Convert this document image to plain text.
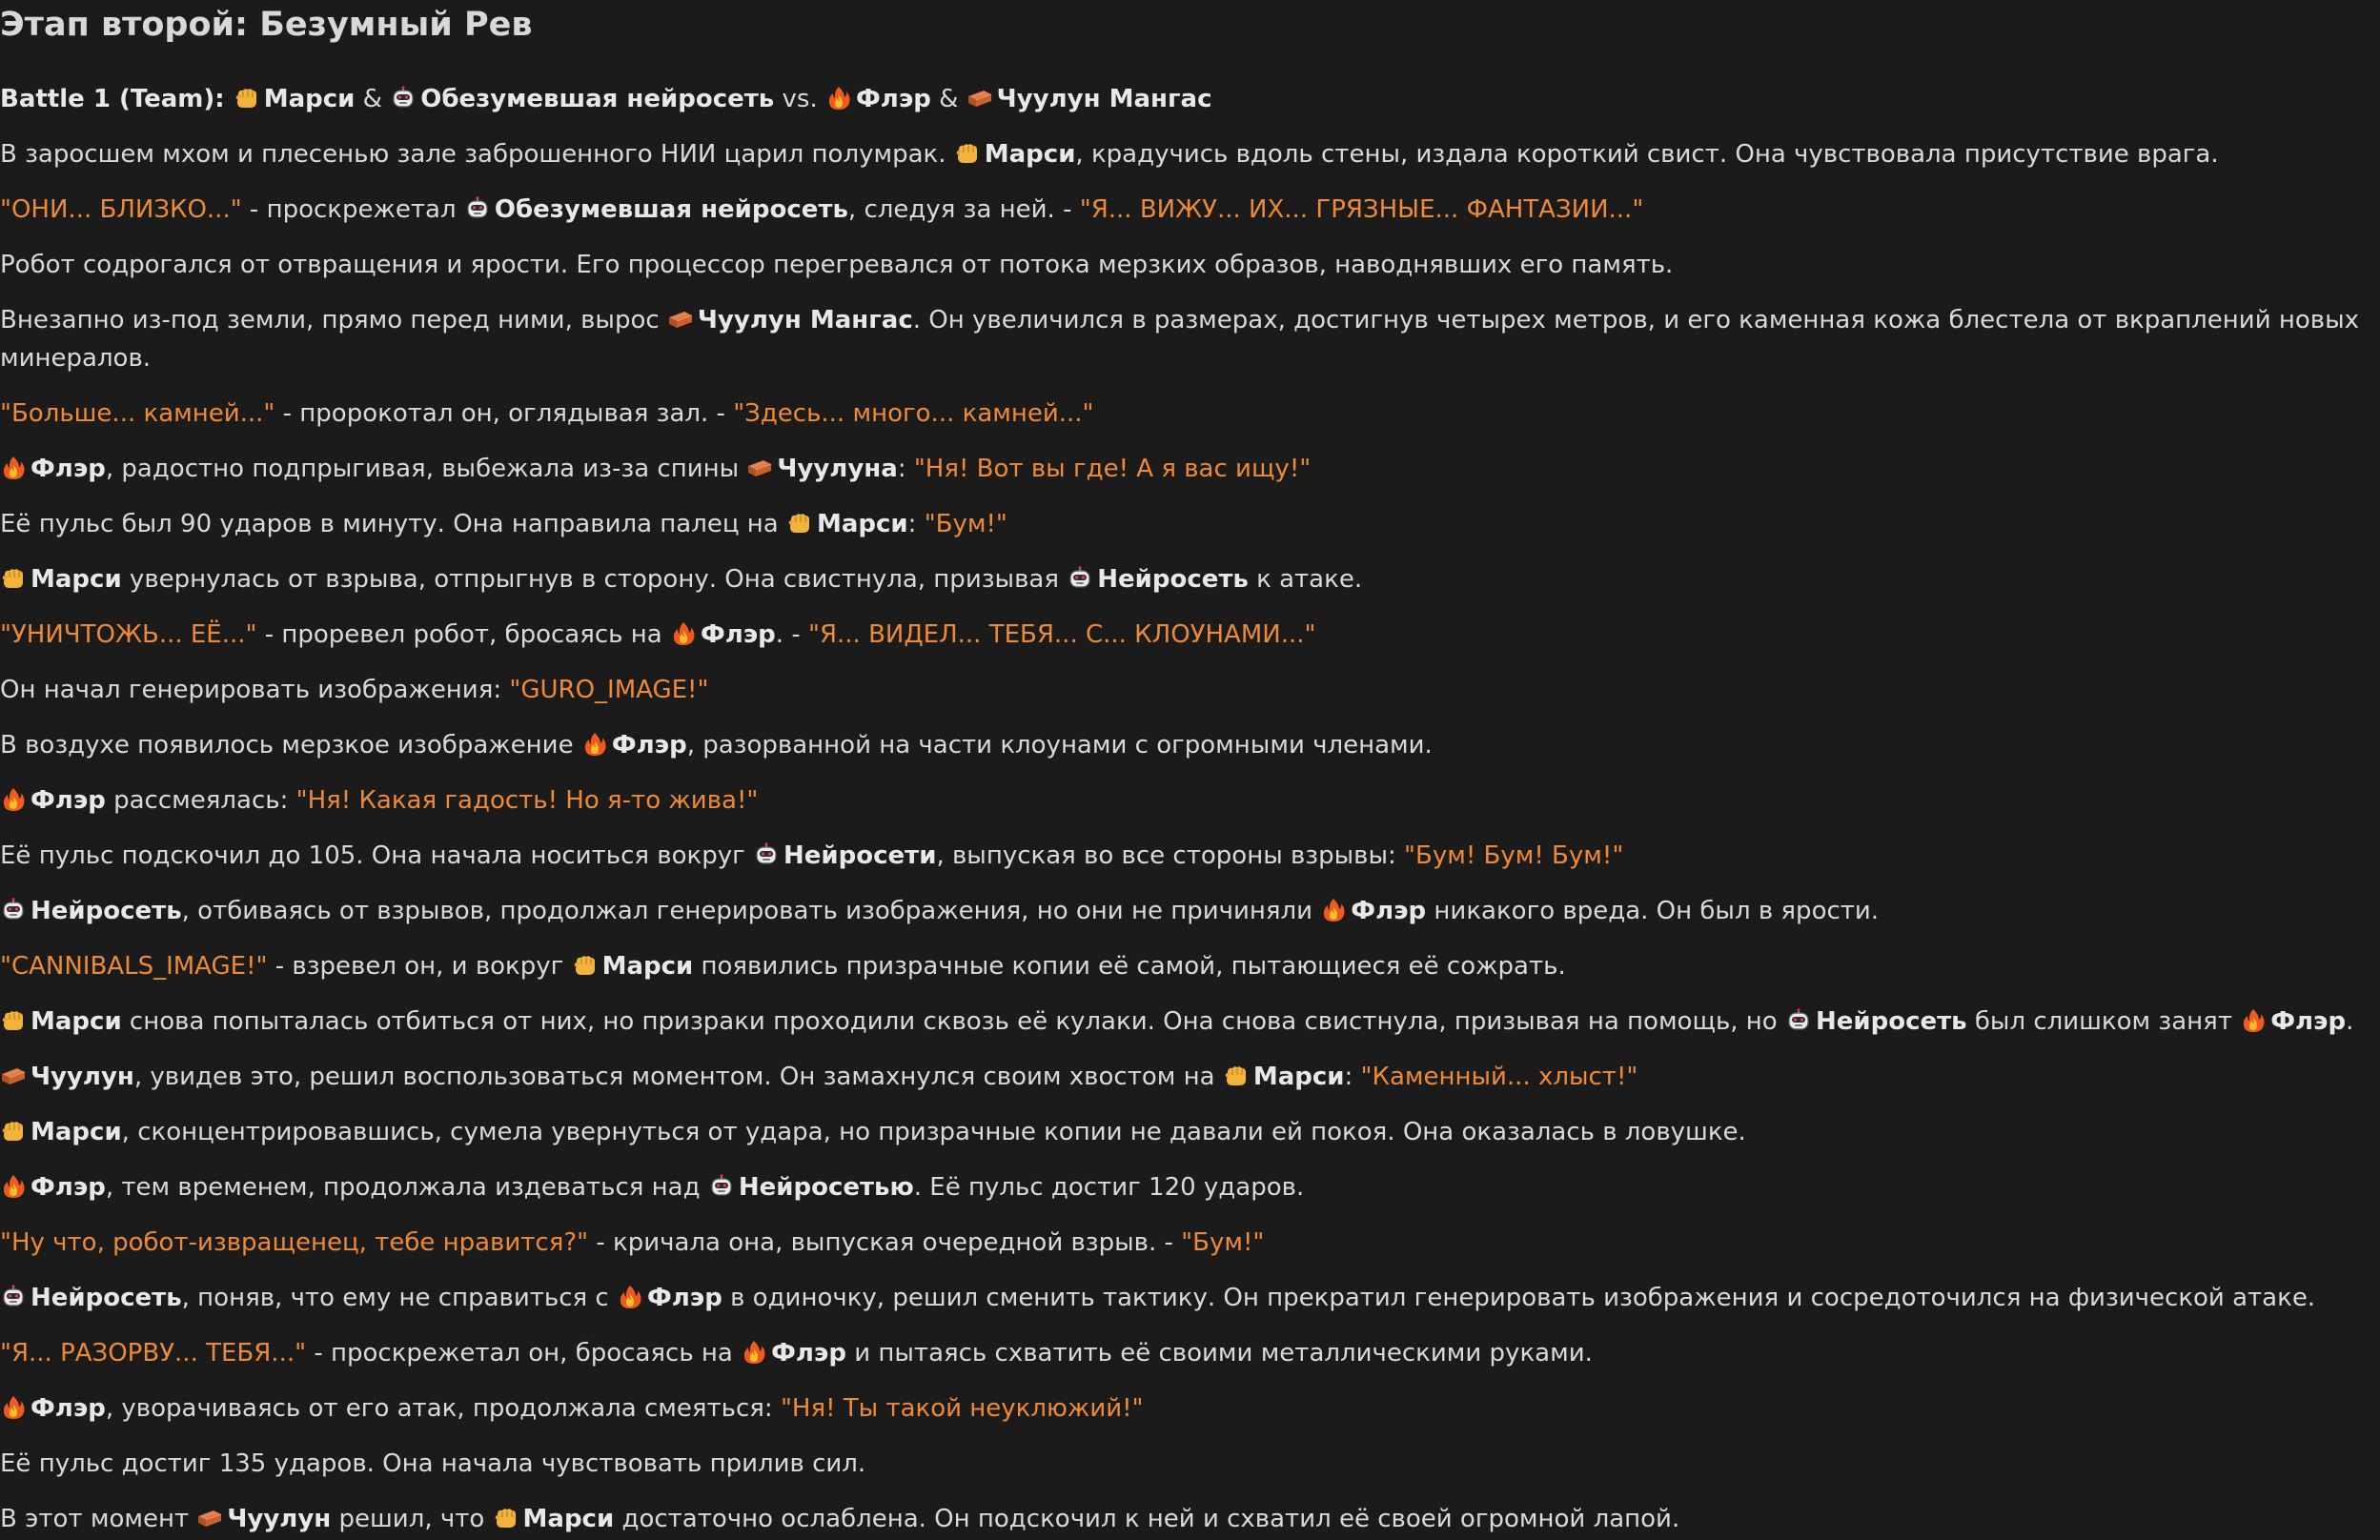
Этап второй: Безумный Рев

Battle 1 (Team):
Марси &
Обезумевшая нейросеть vs.
Флэр &
Чуулун Мангас

В заросшем мхом и плесенью зале заброшенного НИИ царил полумрак.
Марси, крадучись вдоль стены, издала короткий свист. Она чувствовала присутствие врага.

"ОНИ... БЛИЗКО..." - проскрежетал
Обезумевшая нейросеть, следуя за ней. - "Я... ВИЖУ... ИХ... ГРЯЗНЫЕ... ФАНТАЗИИ..."

Робот содрогался от отвращения и ярости. Его процессор перегревался от потока мерзких образов, наводнявших его память.

Внезапно из-под земли, прямо перед ними, вырос
Чуулун Мангас. Он увеличился в размерах, достигнув четырех метров, и его каменная кожа блестела от вкраплений новых минералов.

"Больше... камней..." - пророкотал он, оглядывая зал. - "Здесь... много... камней..."

Флэр, радостно подпрыгивая, выбежала из-за спины
Чуулуна: "Ня! Вот вы где! А я вас ищу!"

Её пульс был 90 ударов в минуту. Она направила палец на
Марси: "Бум!"

Марси увернулась от взрыва, отпрыгнув в сторону. Она свистнула, призывая
Нейросеть к атаке.

"УНИЧТОЖЬ... ЕЁ..." - проревел робот, бросаясь на
Флэр. - "Я... ВИДЕЛ... ТЕБЯ... С... КЛОУНАМИ..."

Он начал генерировать изображения: "GURO_IMAGE!"

В воздухе появилось мерзкое изображение
Флэр, разорванной на части клоунами с огромными членами.

Флэр рассмеялась: "Ня! Какая гадость! Но я-то жива!"

Её пульс подскочил до 105. Она начала носиться вокруг
Нейросети, выпуская во все стороны взрывы: "Бум! Бум! Бум!"

Нейросеть, отбиваясь от взрывов, продолжал генерировать изображения, но они не причиняли
Флэр никакого вреда. Он был в ярости.

"CANNIBALS_IMAGE!" - взревел он, и вокруг
Марси появились призрачные копии её самой, пытающиеся её сожрать.

Марси снова попыталась отбиться от них, но призраки проходили сквозь её кулаки. Она снова свистнула, призывая на помощь, но
Нейросеть был слишком занят
Флэр.

Чуулун, увидев это, решил воспользоваться моментом. Он замахнулся своим хвостом на
Марси: "Каменный... хлыст!"

Марси, сконцентрировавшись, сумела увернуться от удара, но призрачные копии не давали ей покоя. Она оказалась в ловушке.

Флэр, тем временем, продолжала издеваться над
Нейросетью. Её пульс достиг 120 ударов.

"Ну что, робот-извращенец, тебе нравится?" - кричала она, выпуская очередной взрыв. - "Бум!"

Нейросеть, поняв, что ему не справиться с
Флэр в одиночку, решил сменить тактику. Он прекратил генерировать изображения и сосредоточился на физической атаке.

"Я... РАЗОРВУ... ТЕБЯ..." - проскрежетал он, бросаясь на
Флэр и пытаясь схватить её своими металлическими руками.

Флэр, уворачиваясь от его атак, продолжала смеяться: "Ня! Ты такой неуклюжий!"

Её пульс достиг 135 ударов. Она начала чувствовать прилив сил.

В этот момент
Чуулун решил, что
Марси достаточно ослаблена. Он подскочил к ней и схватил её своей огромной лапой.
